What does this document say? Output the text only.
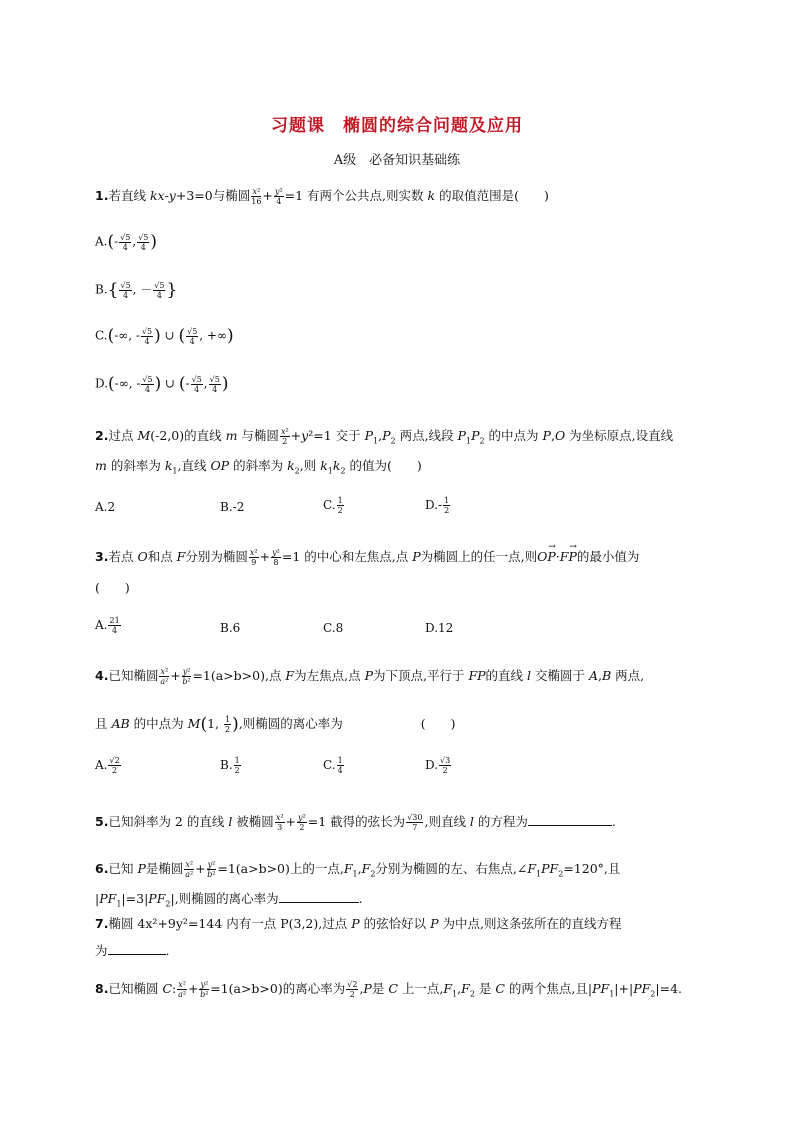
习题课　椭圆的综合问题及应用
A级　必备知识基础练
1.若直线 kx-y+3=0与椭圆 $\frac{\text{x²}}{16} + \frac{\text{y²}}{4} =1$ 有两个公共点,则实数 k 的取值范围是(　　)
$A.(- \frac{√5}{4}$ , $\frac{√5}{4}$ )
$B.\{ \frac{√5}{4}$ , － $\frac{√5}{4}$ }
C.(-∞, - $\frac{√5}{4}$ ) ∪ ( $\frac{√5}{4}$ , +∞)
D.(-∞, - $\frac{√5}{4}$ ) ∪ (- $\frac{√5}{4}$ , $\frac{√5}{4}$ )
2.过点 M(-2,0)的直线 m 与椭圆 $\frac{\text{x²}}{2} +y^2=1$ 交于 $P_1,P_2$ 两点,线段 $P_1P_2$ 的中点为 P,O 为坐标原点,设直线
m 的斜率为 $k_1$,直线 OP 的斜率为 $k_2$,则 $k_1k_2$ 的值为(　　)
A.2	B.-2	C. $\frac{1}{2}$	$D.- \frac{1}{2}$
3.若点 O和点 F分别为椭圆 $\frac{\text{x²}}{9} + \frac{\text{y²}}{8} =1$ 的中心和左焦点,点 P为椭圆上的任一点,则→ OP·→ FP的最小值为
(　　)
A. $\frac{21}{4}$	B.6	C.8	D.12
4.已知椭圆 $\frac{\text{x²}}{\text{a²}} + \frac{\text{y²}}{\text{b²}} =1(a>b>0)$,点 F为左焦点,点 P为下顶点,平行于 FP的直线 l 交椭圆于 A,B 两点,
且 AB 的中点为 M(1, $\frac{1}{2}$ ),则椭圆的离心率为	(　　)
A. $\frac{√2}{2}$	B. $\frac{1}{2}$	C. $\frac{1}{4}$	D. $\frac{√3}{2}$
5.已知斜率为 2 的直线 l 被椭圆 $\frac{\text{x²}}{3} + \frac{\text{y²}}{2} =1$ 截得的弦长为 $\frac{√30}{7}$ ,则直线 l 的方程为	.
6.已知 P是椭圆 $\frac{\text{x²}}{\text{a²}} + \frac{\text{y²}}{\text{b²}} =1(a>b>0)$上的一点$,F_1,F_2$分别为椭圆的左、右焦点$,\angle F_1PF_2=120^\circ$,且
$|PF_1|=3|PF_2|$,则椭圆的离心率为	.
7.椭圆 4x²+9y²=144 内有一点 P(3,2),过点 P 的弦恰好以 P 为中点,则这条弦所在的直线方程
为	.
8.已知椭圆 C: $\frac{\text{x²}}{\text{a²}} + \frac{\text{y²}}{\text{b²}} =1(a>b>0)$的离心率为 $\frac{√2}{2} ,P$是 C 上一点$,F_1,F_2$ 是 C 的两个焦点,且$|PF_1|+|PF_2|=4$.
